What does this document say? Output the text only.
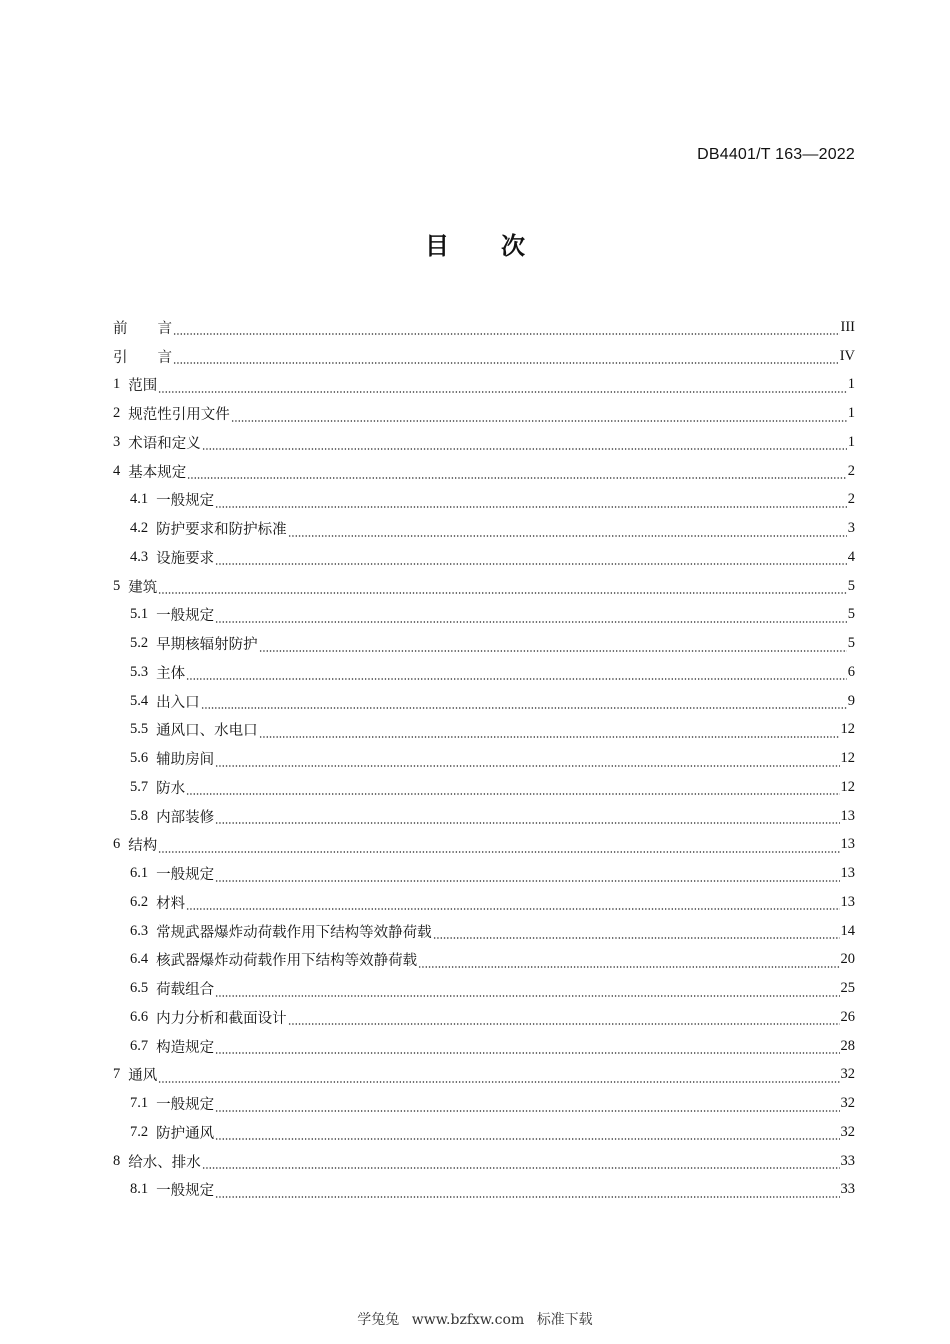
DB4401/T 163—2022
目 次
前 言	III
引 言	IV
1 范围	1
2 规范性引用文件	1
3 术语和定义	1
4 基本规定	2
4.1 一般规定	2
4.2 防护要求和防护标准	3
4.3 设施要求	4
5 建筑	5
5.1 一般规定	5
5.2 早期核辐射防护	5
5.3 主体	6
5.4 出入口	9
5.5 通风口、水电口	12
5.6 辅助房间	12
5.7 防水	12
5.8 内部装修	13
6 结构	13
6.1 一般规定	13
6.2 材料	13
6.3 常规武器爆炸动荷载作用下结构等效静荷载	14
6.4 核武器爆炸动荷载作用下结构等效静荷载	20
6.5 荷载组合	25
6.6 内力分析和截面设计	26
6.7 构造规定	28
7 通风	32
7.1 一般规定	32
7.2 防护通风	32
8 给水、排水	33
8.1 一般规定	33
学兔兔 www.bzfxw.com 标准下载
